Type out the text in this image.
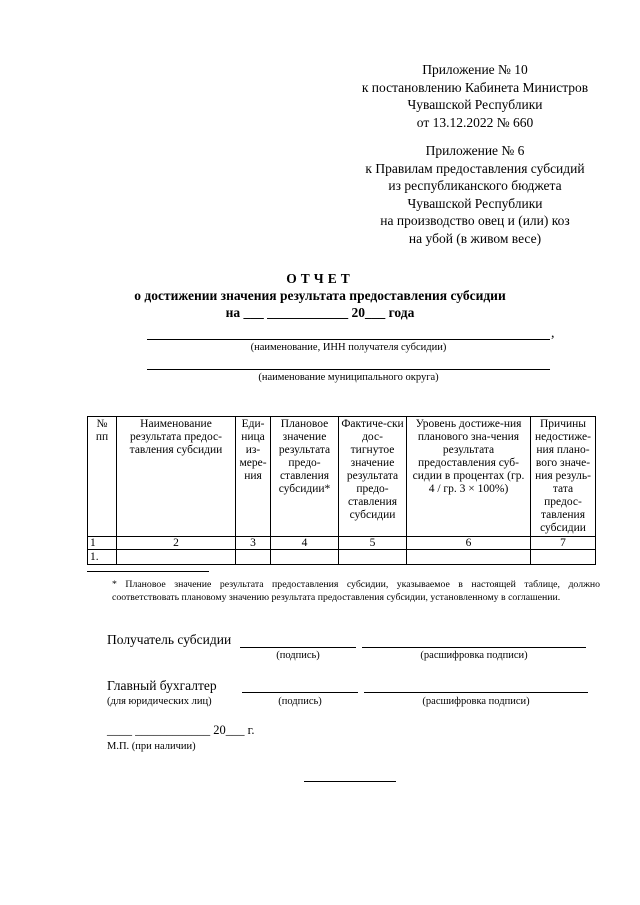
Приложение № 10
к постановлению Кабинета Министров
Чувашской Республики
от 13.12.2022 № 660
Приложение № 6
к Правилам предоставления субсидий
из республиканского бюджета
Чувашской Республики
на производство овец и (или) коз
на убой (в живом весе)
ОТЧЕТ
о достижении значения результата предоставления субсидии
на ___ ____________ 20___ года
,
(наименование, ИНН получателя субсидии)
(наименование муниципального округа)
№ пп	Наименование результата предос-тавления субсидии	Еди-ница из-мере-ния	Плановое значение результата предо-ставления субсидии*	Фактиче-ски дос-тигнутое значение результата предо-ставления субсидии	Уровень достиже-ния планового зна-чения результата предоставления суб-сидии в процентах (гр. 4 / гр. 3 × 100%)	Причины недостиже-ния плано-вого значе-ния резуль-тата предос-тавления субсидии
1	2	3	4	5	6	7
1.						
* Плановое значение результата предоставления субсидии, указываемое в настоящей таблице, должно соответствовать плановому значению результата предоставления субсидии, установленному в соглашении.
Получатель субсидии
(подпись)	(расшифровка подписи)
Главный бухгалтер
(для юридических лиц)	(подпись)	(расшифровка подписи)
____ ____________ 20___ г.
М.П. (при наличии)
